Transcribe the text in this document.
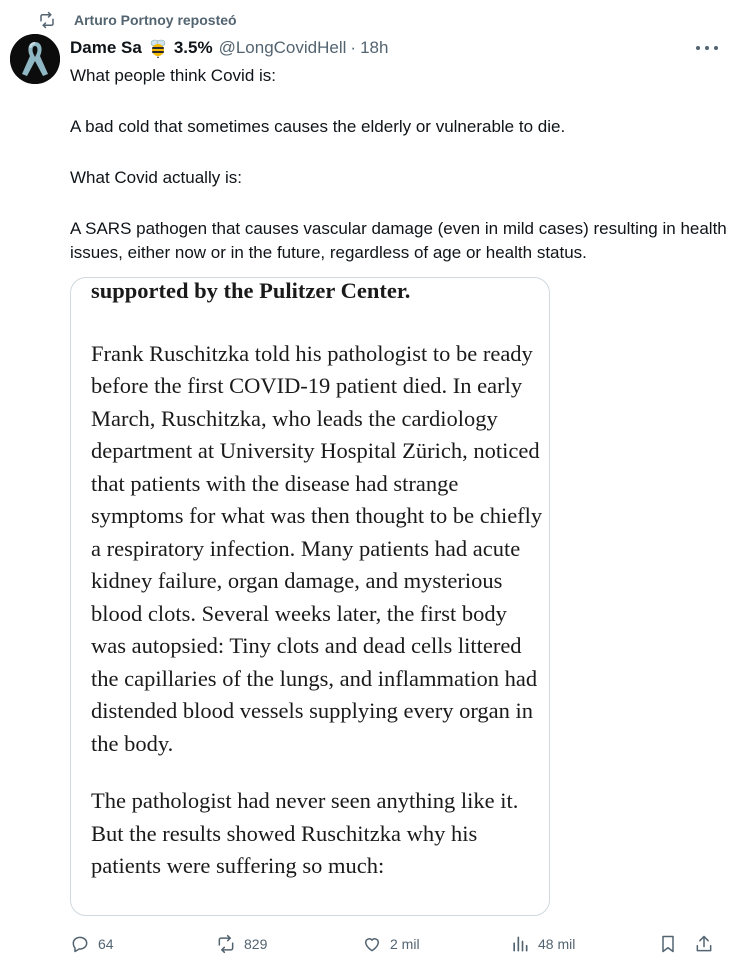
Arturo Portnoy reposteó
Dame Sa 3.5% @LongCovidHell · 18h

What people think Covid is:

A bad cold that sometimes causes the elderly or vulnerable to die.

What Covid actually is:

A SARS pathogen that causes vascular damage (even in mild cases) resulting in health issues, either now or in the future, regardless of age or health status.

supported by the Pulitzer Center.
Frank Ruschitzka told his pathologist to be ready before the first COVID-19 patient died. In early March, Ruschitzka, who leads the cardiology department at University Hospital Zürich, noticed that patients with the disease had strange symptoms for what was then thought to be chiefly a respiratory infection. Many patients had acute kidney failure, organ damage, and mysterious blood clots. Several weeks later, the first body was autopsied: Tiny clots and dead cells littered the capillaries of the lungs, and inflammation had distended blood vessels supplying every organ in the body.
The pathologist had never seen anything like it. But the results showed Ruschitzka why his patients were suffering so much:
64	829	2 mil	48 mil
